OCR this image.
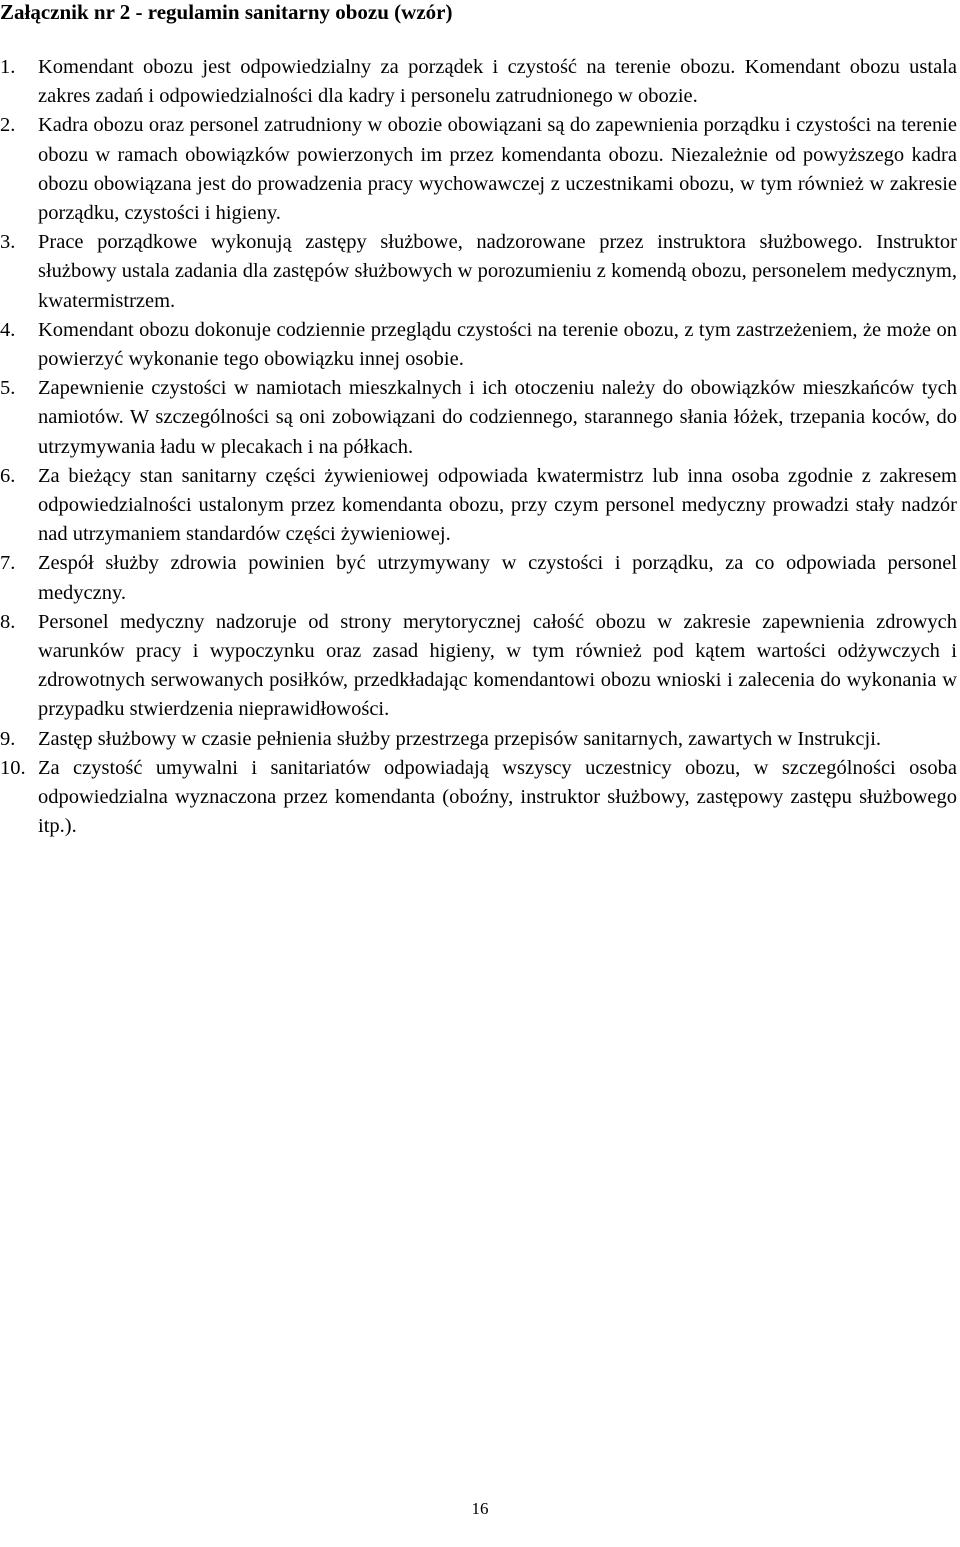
Załącznik nr 2 - regulamin sanitarny obozu (wzór)
1. Komendant obozu jest odpowiedzialny za porządek i czystość na terenie obozu. Komendant obozu ustala zakres zadań i odpowiedzialności dla kadry i personelu zatrudnionego w obozie.
2. Kadra obozu oraz personel zatrudniony w obozie obowiązani są do zapewnienia porządku i czystości na terenie obozu w ramach obowiązków powierzonych im przez komendanta obozu. Niezależnie od powyższego kadra obozu obowiązana jest do prowadzenia pracy wychowawczej z uczestnikami obozu, w tym również w zakresie porządku, czystości i higieny.
3. Prace porządkowe wykonują zastępy służbowe, nadzorowane przez instruktora służbowego. Instruktor służbowy ustala zadania dla zastępów służbowych w porozumieniu z komendą obozu, personelem medycznym, kwatermistrzem.
4. Komendant obozu dokonuje codziennie przeglądu czystości na terenie obozu, z tym zastrzeżeniem, że może on powierzyć wykonanie tego obowiązku innej osobie.
5. Zapewnienie czystości w namiotach mieszkalnych i ich otoczeniu należy do obowiązków mieszkańców tych namiotów. W szczególności są oni zobowiązani do codziennego, starannego słania łóżek, trzepania koców, do utrzymywania ładu w plecakach i na półkach.
6. Za bieżący stan sanitarny części żywieniowej odpowiada kwatermistrz lub inna osoba zgodnie z zakresem odpowiedzialności ustalonym przez komendanta obozu, przy czym personel medyczny prowadzi stały nadzór nad utrzymaniem standardów części żywieniowej.
7. Zespół służby zdrowia powinien być utrzymywany w czystości i porządku, za co odpowiada personel medyczny.
8. Personel medyczny nadzoruje od strony merytorycznej całość obozu w zakresie zapewnienia zdrowych warunków pracy i wypoczynku oraz zasad higieny, w tym również pod kątem wartości odżywczych i zdrowotnych serwowanych posiłków, przedkładając komendantowi obozu wnioski i zalecenia do wykonania w przypadku stwierdzenia nieprawidłowości.
9. Zastęp służbowy w czasie pełnienia służby przestrzega przepisów sanitarnych, zawartych w Instrukcji.
10. Za czystość umywalni i sanitariatów odpowiadają wszyscy uczestnicy obozu, w szczególności osoba odpowiedzialna wyznaczona przez komendanta (oboźny, instruktor służbowy, zastępowy zastępu służbowego itp.).
16
